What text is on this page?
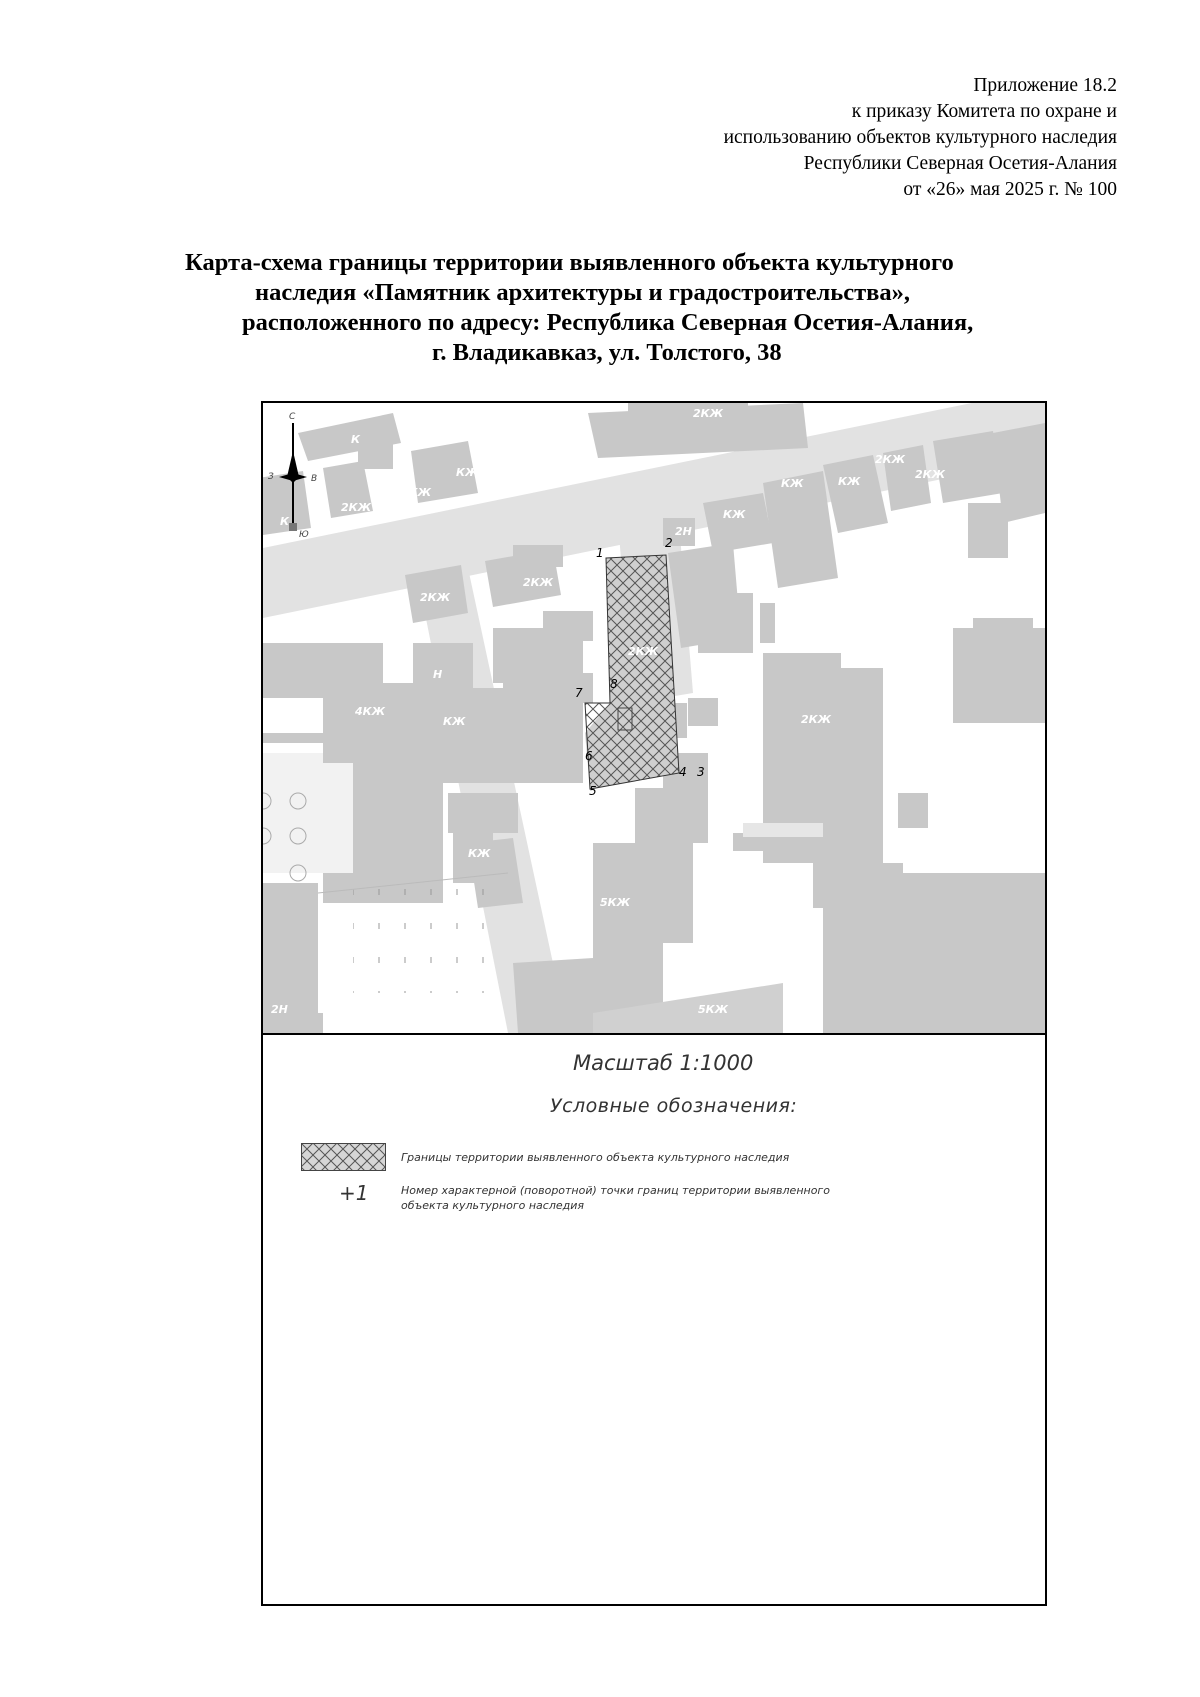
Приложение 18.2
к приказу Комитета по охране и
использованию объектов культурного наследия
Республики Северная Осетия-Алания
от «26» мая 2025 г. № 100
Карта-схема границы территории выявленного объекта культурного
наследия «Памятник архитектуры и градостроительства»,
расположенного по адресу: Республика Северная Осетия-Алания,
г. Владикавказ, ул. Толстого, 38
1
2
3
4
5
6
7
8
2КЖ
К
КЖ
2КЖ
2КЖ
К
2КЖ
2КЖ
КЖ
2Н
КЖ
КЖ
2КЖ
2КЖ
2КЖ
Н
КЖ
4КЖ
КЖ
2КЖ
5КЖ
5КЖ
2Н
С
З	В
Ю
Масштаб 1:1000
Условные обозначения:
Границы территории выявленного объекта культурного наследия
+1	Номер характерной (поворотной) точки границ территории выявленного объекта культурного наследия
